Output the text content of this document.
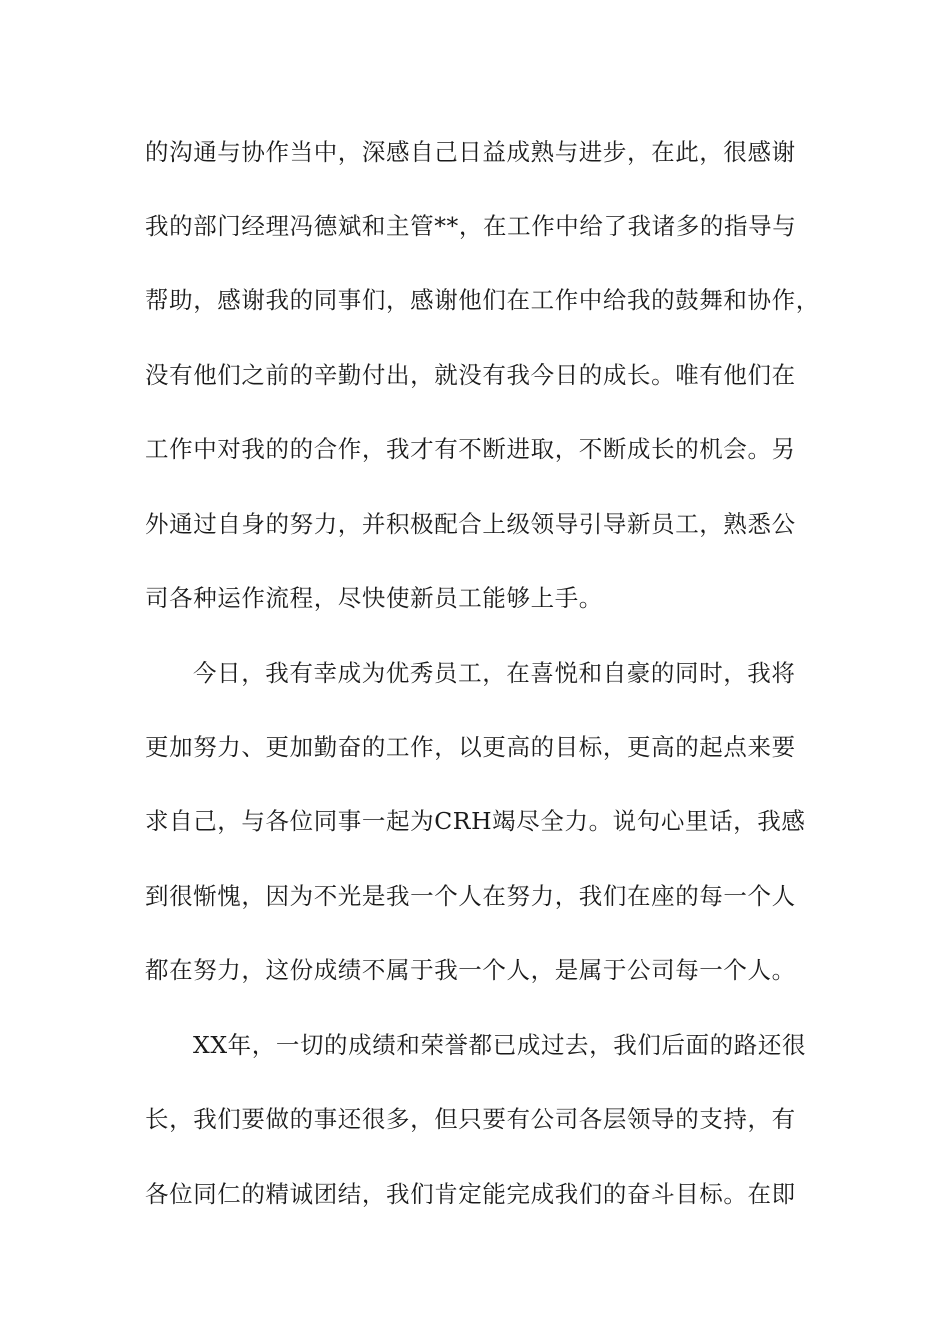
的沟通与协作当中，深感自己日益成熟与进步，在此，很感谢
我的部门经理冯德斌和主管**，在工作中给了我诸多的指导与
帮助，感谢我的同事们，感谢他们在工作中给我的鼓舞和协作，
没有他们之前的辛勤付出，就没有我今日的成长。唯有他们在
工作中对我的的合作，我才有不断进取，不断成长的机会。另
外通过自身的努力，并积极配合上级领导引导新员工，熟悉公
司各种运作流程，尽快使新员工能够上手。
今日，我有幸成为优秀员工，在喜悦和自豪的同时，我将
更加努力、更加勤奋的工作，以更高的目标，更高的起点来要
求自己，与各位同事一起为CRH竭尽全力。说句心里话，我感
到很惭愧，因为不光是我一个人在努力，我们在座的每一个人
都在努力，这份成绩不属于我一个人，是属于公司每一个人。
XX年，一切的成绩和荣誉都已成过去，我们后面的路还很
长，我们要做的事还很多，但只要有公司各层领导的支持，有
各位同仁的精诚团结，我们肯定能完成我们的奋斗目标。在即
